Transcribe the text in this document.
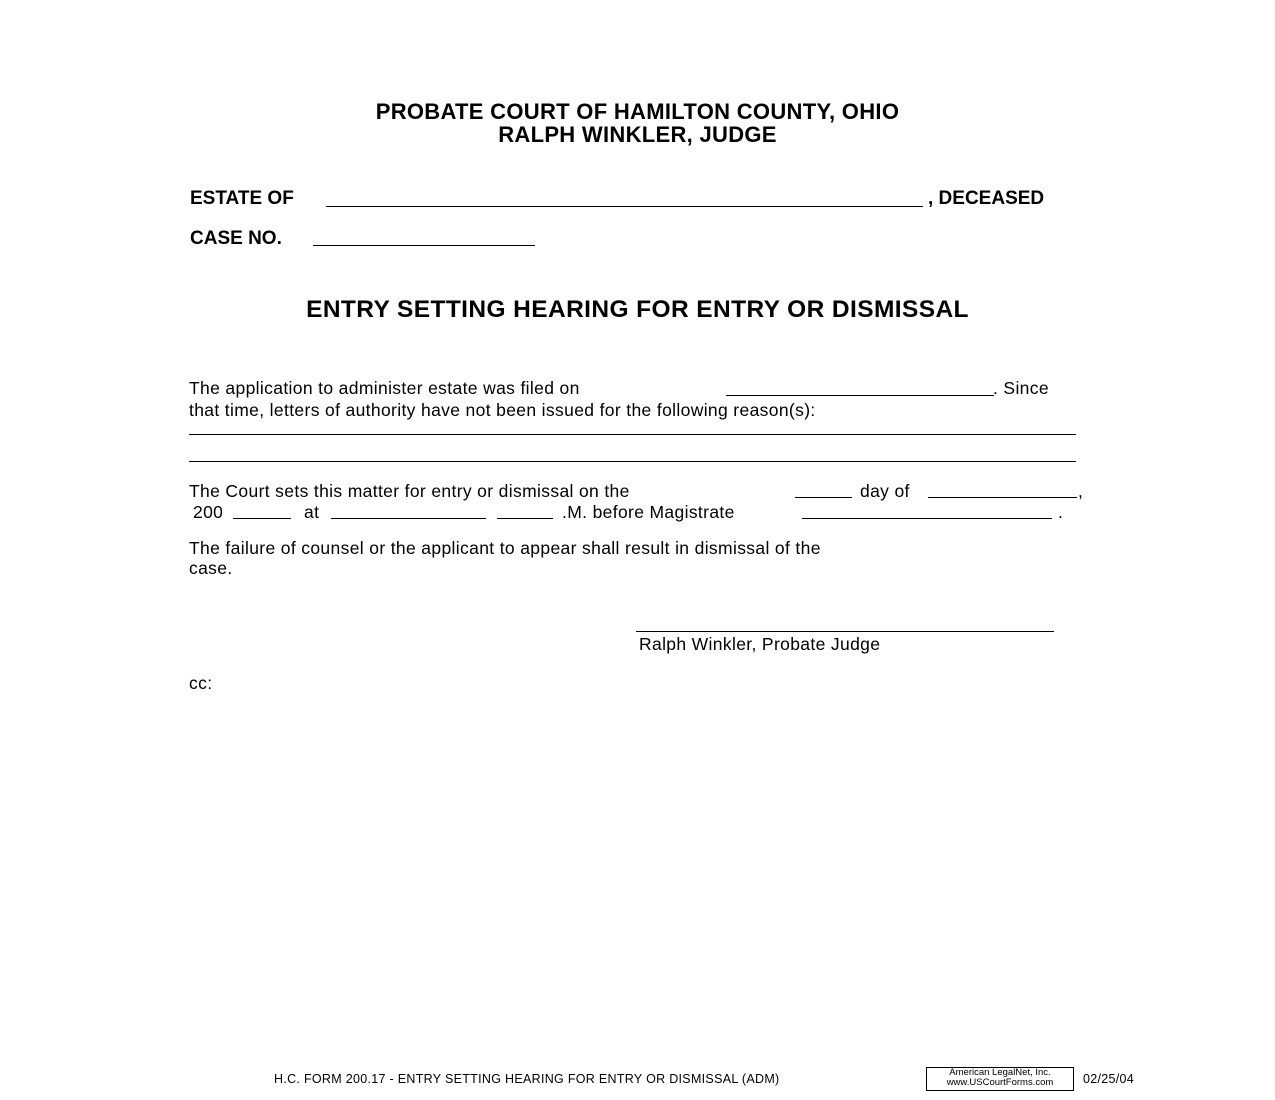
PROBATE COURT OF HAMILTON COUNTY, OHIO
RALPH WINKLER, JUDGE
ESTATE OF	, DECEASED
CASE NO.
ENTRY SETTING HEARING FOR ENTRY OR DISMISSAL
The application to administer estate was filed on	. Since
that time, letters of authority have not been issued for the following reason(s):
The Court sets this matter for entry or dismissal on the	day of	,
200	at	.M. before Magistrate	.
The failure of counsel or the applicant to appear shall result in dismissal of the
case.
Ralph Winkler, Probate Judge
cc:
H.C. FORM 200.17 - ENTRY SETTING HEARING FOR ENTRY OR DISMISSAL (ADM)	American LegalNet, Inc.
www.USCourtForms.com	02/25/04
